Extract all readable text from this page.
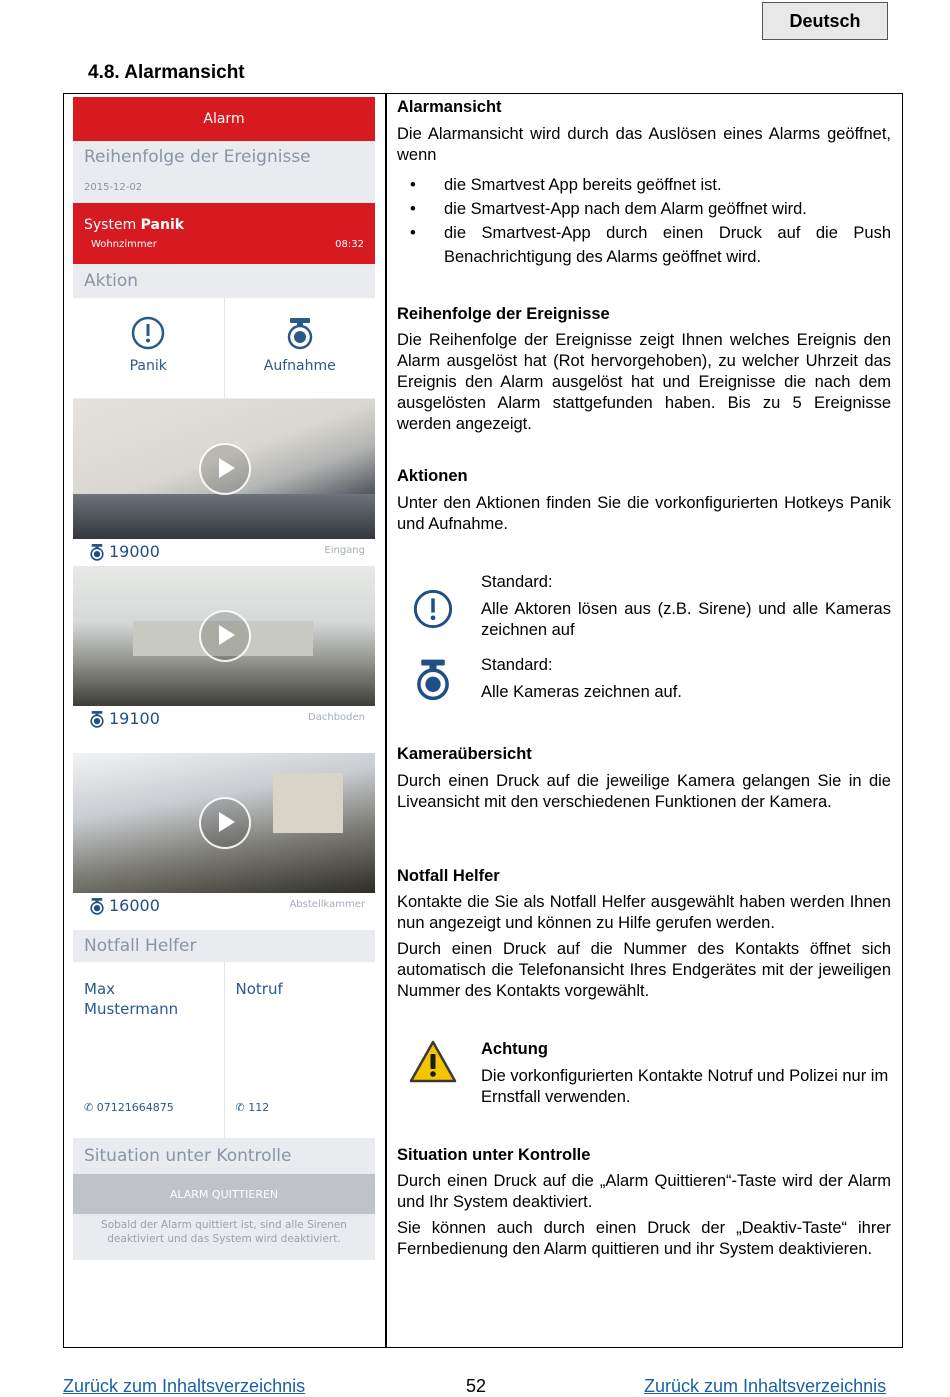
Deutsch
4.8. Alarmansicht
Alarm
Reihenfolge der Ereignisse
2015-12-02
System Panik
Wohnzimmer	08:32
Aktion
Panik	Aufnahme
19000	Eingang
19100	Dachboden
16000	Abstellkammer
Notfall Helfer
Max Mustermann
✆ 07121664875
Notruf
✆ 112
Situation unter Kontrolle
ALARM QUITTIEREN
Sobald der Alarm quittiert ist, sind alle Sirenen deaktiviert und das System wird deaktiviert.
Alarmansicht
Die Alarmansicht wird durch das Auslösen eines Alarms geöffnet, wenn
• die Smartvest App bereits geöffnet ist.
• die Smartvest-App nach dem Alarm geöffnet wird.
• die Smartvest-App durch einen Druck auf die Push Benachrichtigung des Alarms geöffnet wird.
Reihenfolge der Ereignisse
Die Reihenfolge der Ereignisse zeigt Ihnen welches Ereignis den Alarm ausgelöst hat (Rot hervorgehoben), zu welcher Uhrzeit das Ereignis den Alarm ausgelöst hat und Ereignisse die nach dem ausgelösten Alarm stattgefunden haben. Bis zu 5 Ereignisse werden angezeigt.
Aktionen
Unter den Aktionen finden Sie die vorkonfigurierten Hotkeys Panik und Aufnahme.
Standard:
Alle Aktoren lösen aus (z.B. Sirene) und alle Kameras zeichnen auf
Standard:
Alle Kameras zeichnen auf.
Kameraübersicht
Durch einen Druck auf die jeweilige Kamera gelangen Sie in die Liveansicht mit den verschiedenen Funktionen der Kamera.
Notfall Helfer
Kontakte die Sie als Notfall Helfer ausgewählt haben werden Ihnen nun angezeigt und können zu Hilfe gerufen werden.
Durch einen Druck auf die Nummer des Kontakts öffnet sich automatisch die Telefonansicht Ihres Endgerätes mit der jeweiligen Nummer des Kontakts vorgewählt.
Achtung
Die vorkonfigurierten Kontakte Notruf und Polizei nur im Ernstfall verwenden.
Situation unter Kontrolle
Durch einen Druck auf die „Alarm Quittieren“-Taste wird der Alarm und Ihr System deaktiviert.
Sie können auch durch einen Druck der „Deaktiv-Taste“ ihrer Fernbedienung den Alarm quittieren und ihr System deaktivieren.
Zurück zum Inhaltsverzeichnis	52	Zurück zum Inhaltsverzeichnis
